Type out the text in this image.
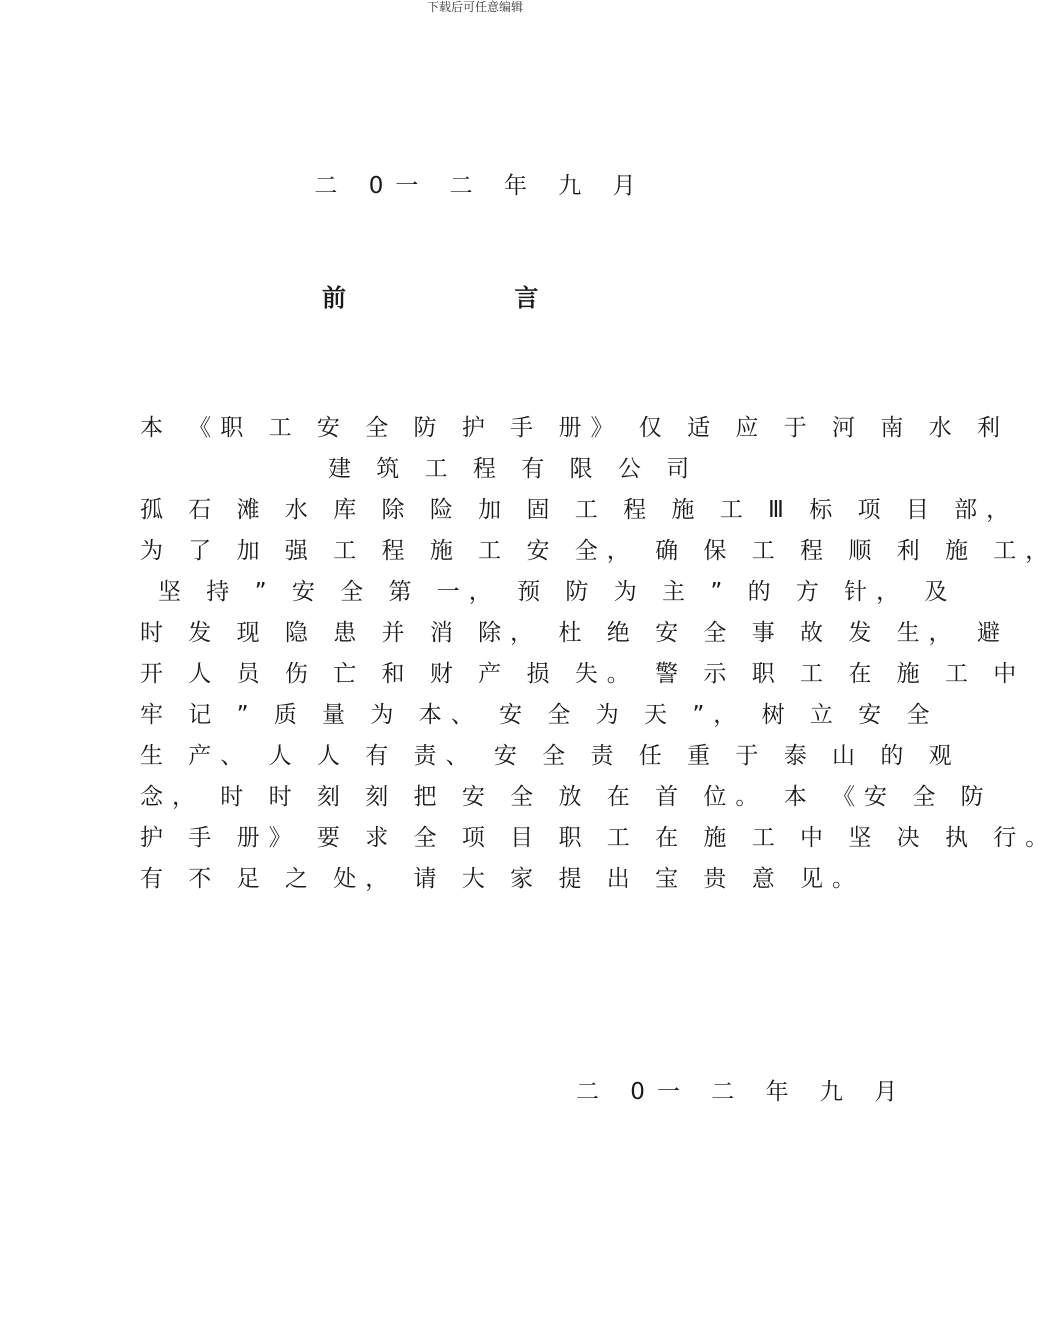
下载后可任意编辑
二 0一 二 年 九 月
前 言
本 《职 工 安 全 防 护 手 册》 仅 适 应 于 河 南 水 利
建 筑 工 程 有 限 公 司
孤 石 滩 水 库 除 险 加 固 工 程 施 工 Ⅲ 标 项 目 部，
为 了 加 强 工 程 施 工 安 全， 确 保 工 程 顺 利 施 工，
坚 持 ” 安 全 第 一， 预 防 为 主 ” 的 方 针， 及
时 发 现 隐 患 并 消 除， 杜 绝 安 全 事 故 发 生， 避
开 人 员 伤 亡 和 财 产 损 失。 警 示 职 工 在 施 工 中
牢 记 ” 质 量 为 本、 安 全 为 天 ”， 树 立 安 全
生 产、 人 人 有 责、 安 全 责 任 重 于 泰 山 的 观
念， 时 时 刻 刻 把 安 全 放 在 首 位。 本 《安 全 防
护 手 册》 要 求 全 项 目 职 工 在 施 工 中 坚 决 执 行。
有 不 足 之 处， 请 大 家 提 出 宝 贵 意 见。
二 0一 二 年 九 月
